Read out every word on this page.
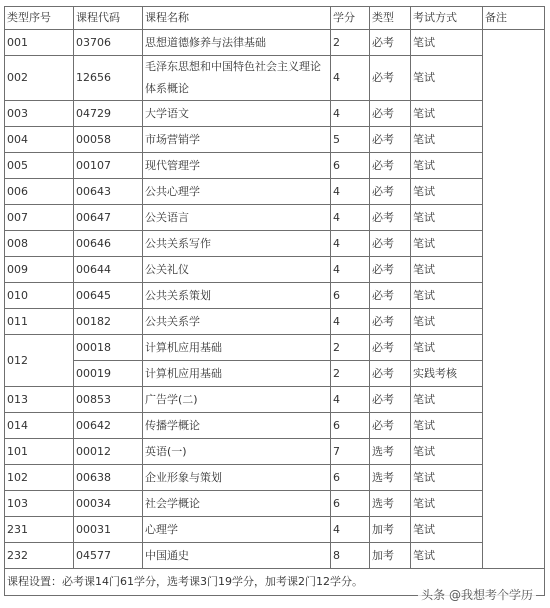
类型序号	课程代码	课程名称	学分	类型	考试方式	备注
001	03706	思想道德修养与法律基础	2	必考	笔试	
002	12656	毛泽东思想和中国特色社会主义理论体系概论	4	必考	笔试	
003	04729	大学语文	4	必考	笔试	
004	00058	市场营销学	5	必考	笔试	
005	00107	现代管理学	6	必考	笔试	
006	00643	公共心理学	4	必考	笔试	
007	00647	公关语言	4	必考	笔试	
008	00646	公共关系写作	4	必考	笔试	
009	00644	公关礼仪	4	必考	笔试	
010	00645	公共关系策划	6	必考	笔试	
011	00182	公共关系学	4	必考	笔试	
012	00018	计算机应用基础	2	必考	笔试	
	00019	计算机应用基础	2	必考	实践考核	
013	00853	广告学(二)	4	必考	笔试	
014	00642	传播学概论	6	必考	笔试	
101	00012	英语(一)	7	选考	笔试	
102	00638	企业形象与策划	6	选考	笔试	
103	00034	社会学概论	6	选考	笔试	
231	00031	心理学	4	加考	笔试	
232	04577	中国通史	8	加考	笔试	
课程设置：必考课14门61学分，选考课3门19学分，加考课2门12学分。						
头条 @我想考个学历
